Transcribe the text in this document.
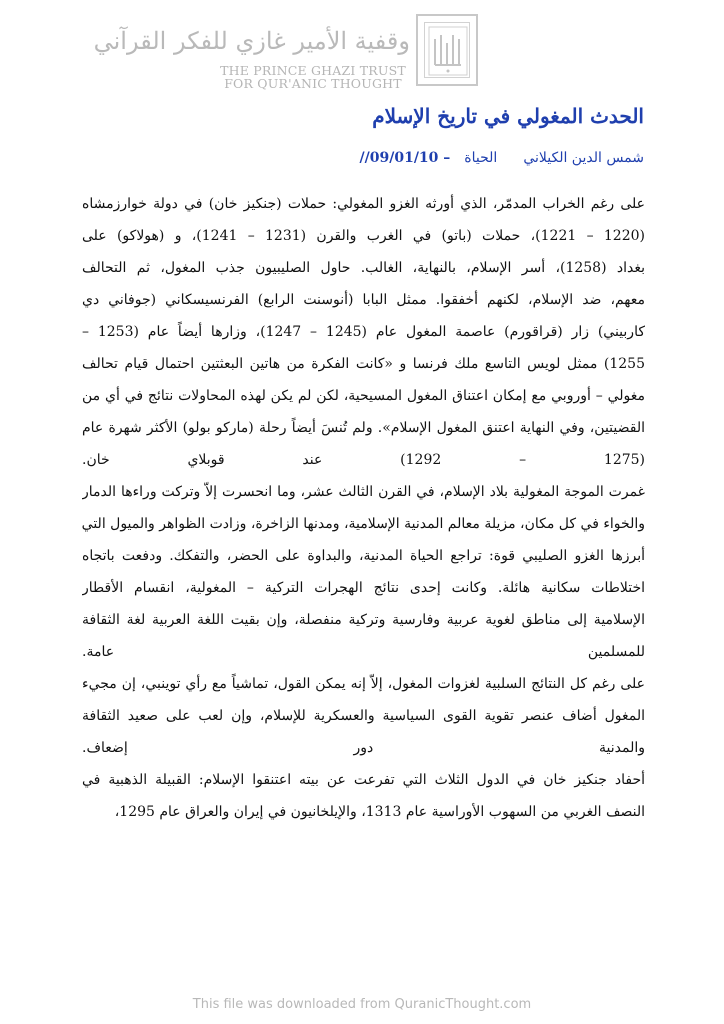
وقفية الأمير غازي للفكر القرآني
THE PRINCE GHAZI TRUST
FOR QUR'ANIC THOUGHT
الحدث المغولي في تاريخ الإسلام
شمس الدين الكيلانيالحياة– 09/01/10//
على رغم الخراب المدمّر، الذي أورثه الغزو المغولي: حملات (جنكيز خان) في دولة خوارزمشاه
(1220 – 1221)، حملات (باتو) في الغرب والقرن (1231 – 1241)، و (هولاكو) على
بغداد (1258)، أسر الإسلام، بالنهاية، الغالب. حاول الصليبيون جذب المغول، ثم التحالف
معهم، ضد الإسلام، لكنهم أخفقوا. ممثل البابا (أنوسنت الرابع) الفرنسيسكاني (جوفاني دي
كاربيني) زار (قراقورم) عاصمة المغول عام (1245 – 1247)، وزارها أيضاً عام (1253 –
1255) ممثل لويس التاسع ملك فرنسا و «كانت الفكرة من هاتين البعثتين احتمال قيام تحالف
مغولي – أوروبي مع إمكان اعتناق المغول المسيحية، لكن لم يكن لهذه المحاولات نتائج في أي من
القضيتين، وفي النهاية اعتنق المغول الإسلام». ولم تُنسَ أيضاً رحلة (ماركو بولو) الأكثر شهرة عام
(1275 – 1292) عند قوبلاي خان.
غمرت الموجة المغولية بلاد الإسلام، في القرن الثالث عشر، وما انحسرت إلاّ وتركت وراءها الدمار
والخواء في كل مكان، مزيلة معالم المدنية الإسلامية، ومدنها الزاخرة، وزادت الظواهر والميول التي
أبرزها الغزو الصليبي قوة: تراجع الحياة المدنية، والبداوة على الحضر، والتفكك. ودفعت باتجاه
اختلاطات سكانية هائلة. وكانت إحدى نتائج الهجرات التركية – المغولية، انقسام الأقطار
الإسلامية إلى مناطق لغوية عربية وفارسية وتركية منفصلة، وإن بقيت اللغة العربية لغة الثقافة
للمسلمين عامة.
على رغم كل النتائج السلبية لغزوات المغول، إلاّ إنه يمكن القول، تماشياً مع رأي توينبي، إن مجيء
المغول أضاف عنصر تقوية القوى السياسية والعسكرية للإسلام، وإن لعب على صعيد الثقافة
والمدنية دور إضعاف.
أحفاد جنكيز خان في الدول الثلاث التي تفرعت عن بيته اعتنقوا الإسلام: القبيلة الذهبية في
النصف الغربي من السهوب الأوراسية عام 1313، والإيلخانيون في إيران والعراق عام 1295،
This file was downloaded from QuranicThought.com
